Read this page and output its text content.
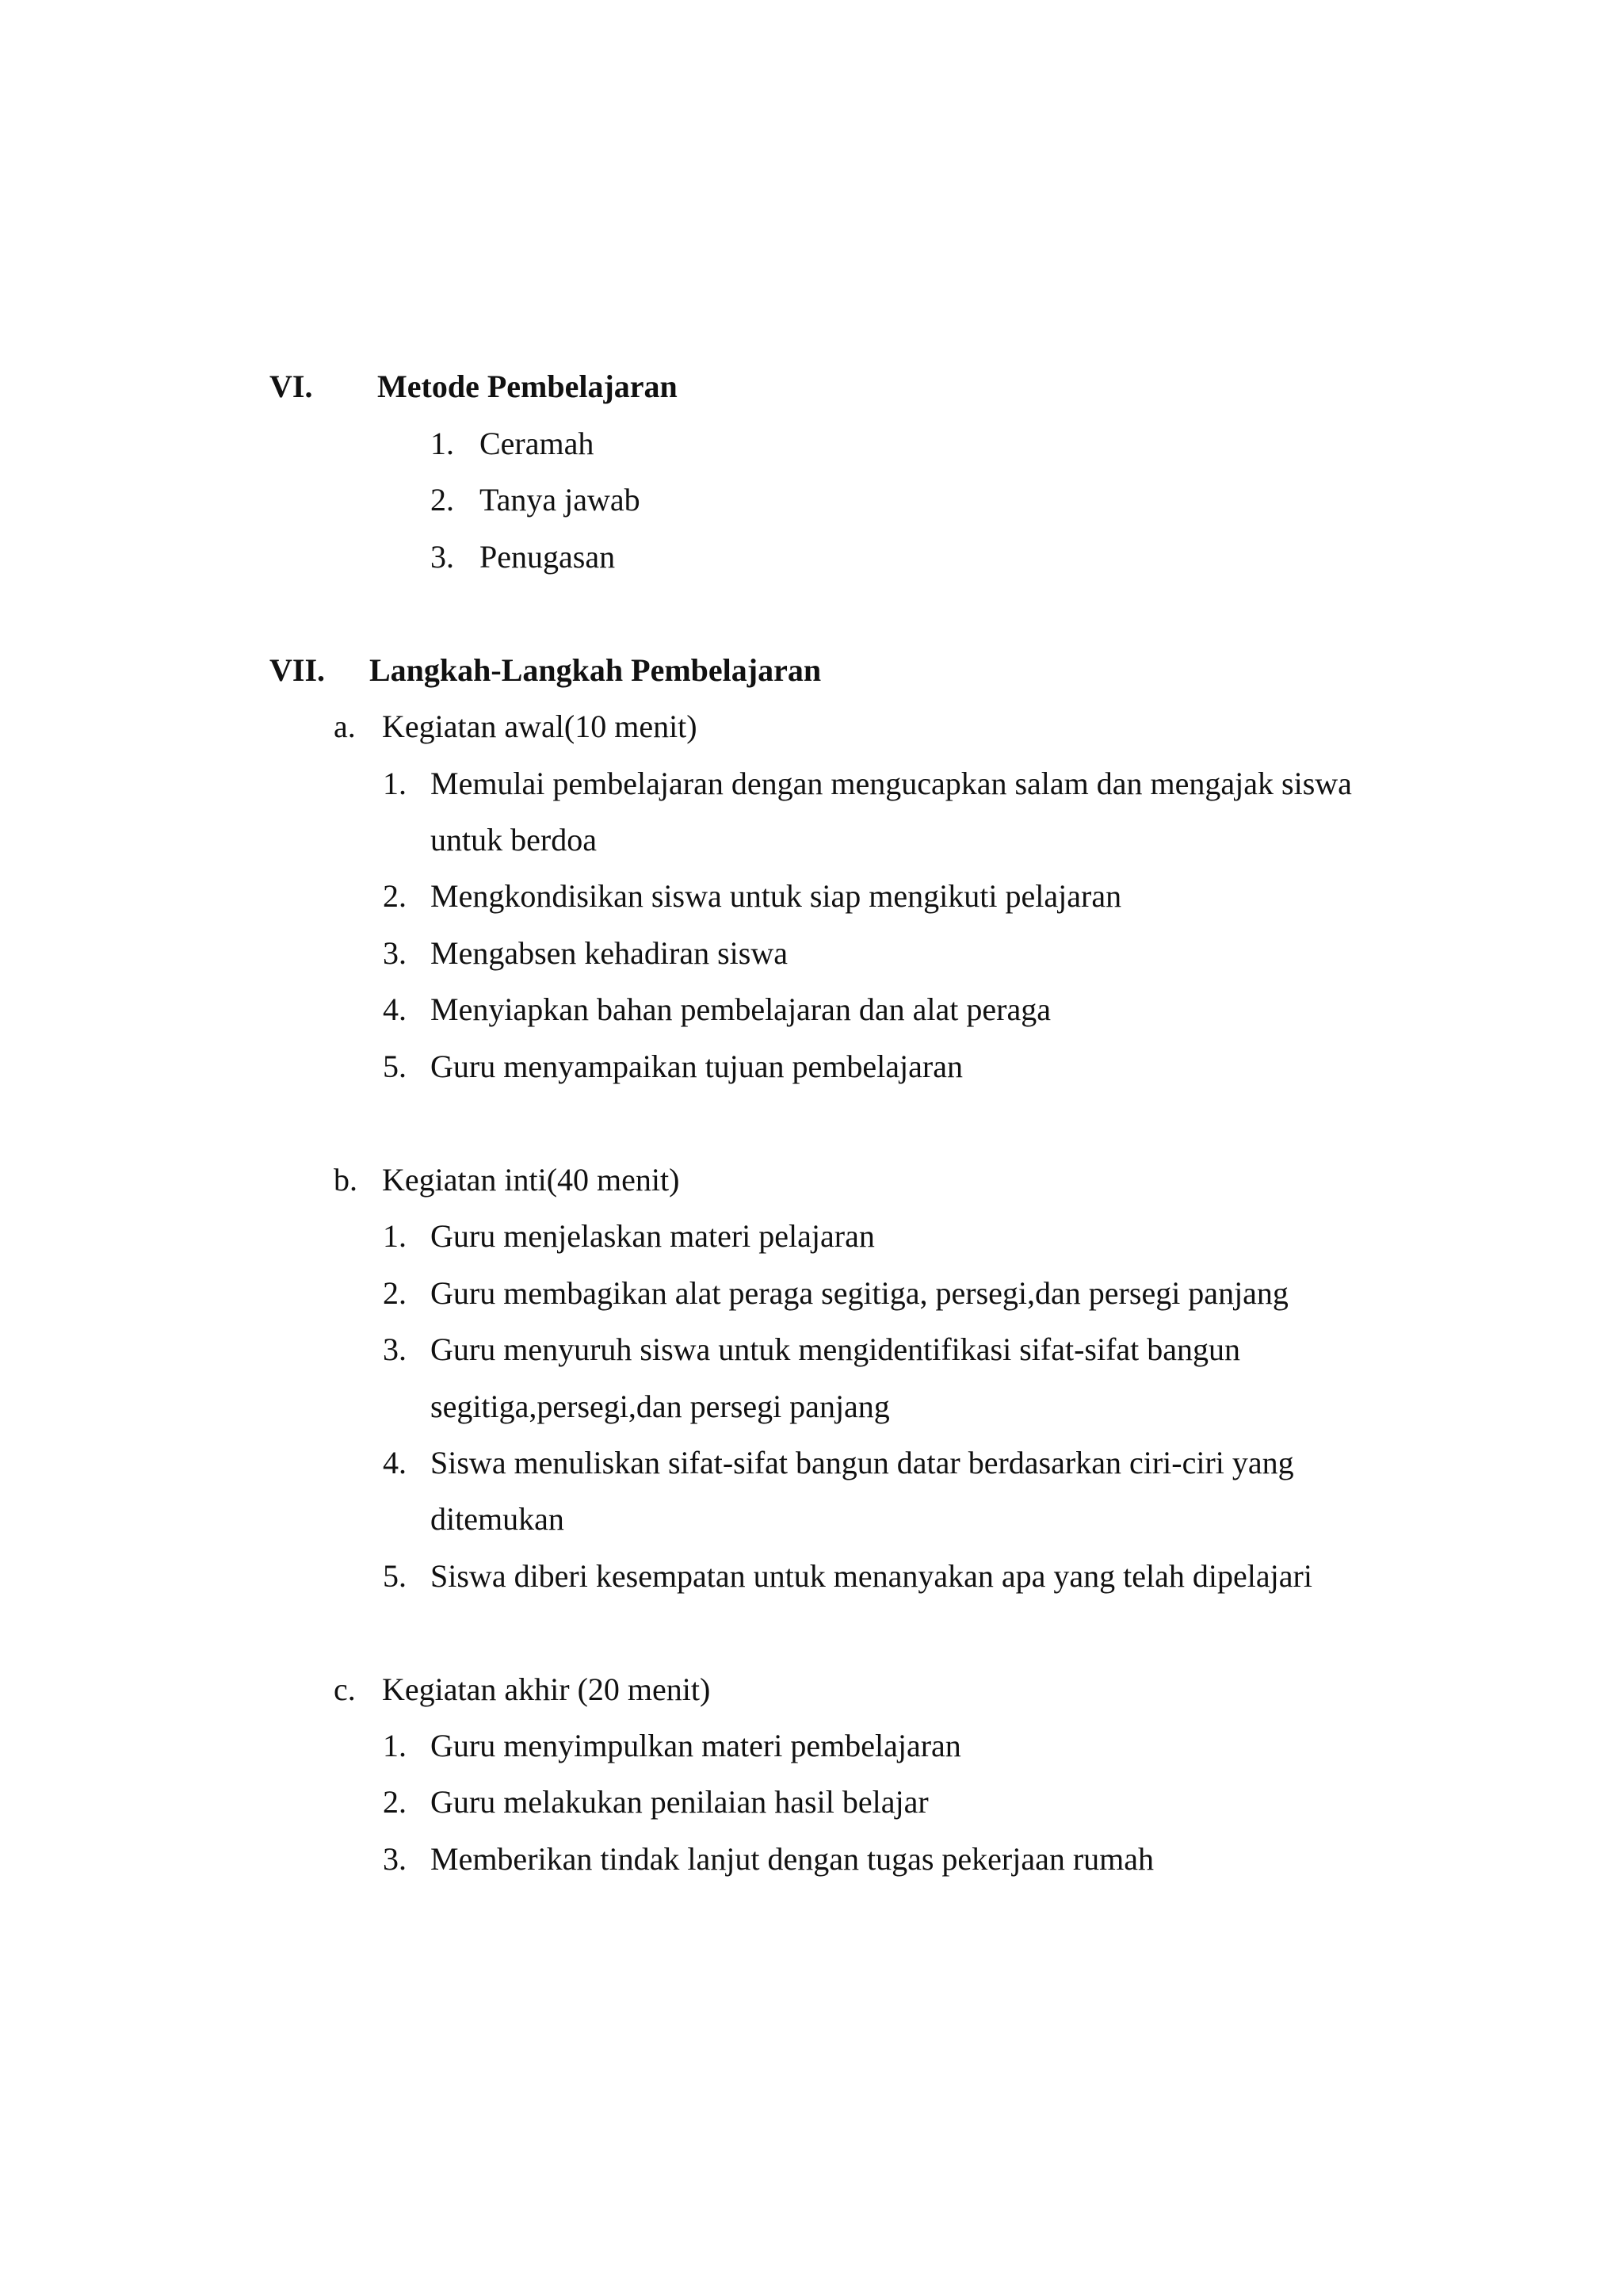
VI. Metode Pembelajaran
1. Ceramah
2. Tanya jawab
3. Penugasan
VII. Langkah-Langkah Pembelajaran
a. Kegiatan awal(10 menit)
1. Memulai pembelajaran dengan mengucapkan salam dan mengajak siswa
untuk berdoa
2. Mengkondisikan siswa untuk siap mengikuti pelajaran
3. Mengabsen kehadiran siswa
4. Menyiapkan bahan pembelajaran dan alat peraga
5. Guru menyampaikan tujuan pembelajaran
b. Kegiatan inti(40 menit)
1. Guru menjelaskan materi pelajaran
2. Guru membagikan alat peraga segitiga, persegi,dan persegi panjang
3. Guru menyuruh siswa untuk mengidentifikasi sifat-sifat bangun
segitiga,persegi,dan persegi panjang
4. Siswa menuliskan sifat-sifat bangun datar berdasarkan ciri-ciri yang
ditemukan
5. Siswa diberi kesempatan untuk menanyakan apa yang telah dipelajari
c. Kegiatan akhir (20 menit)
1. Guru menyimpulkan materi pembelajaran
2. Guru melakukan penilaian hasil belajar
3. Memberikan tindak lanjut dengan tugas pekerjaan rumah
